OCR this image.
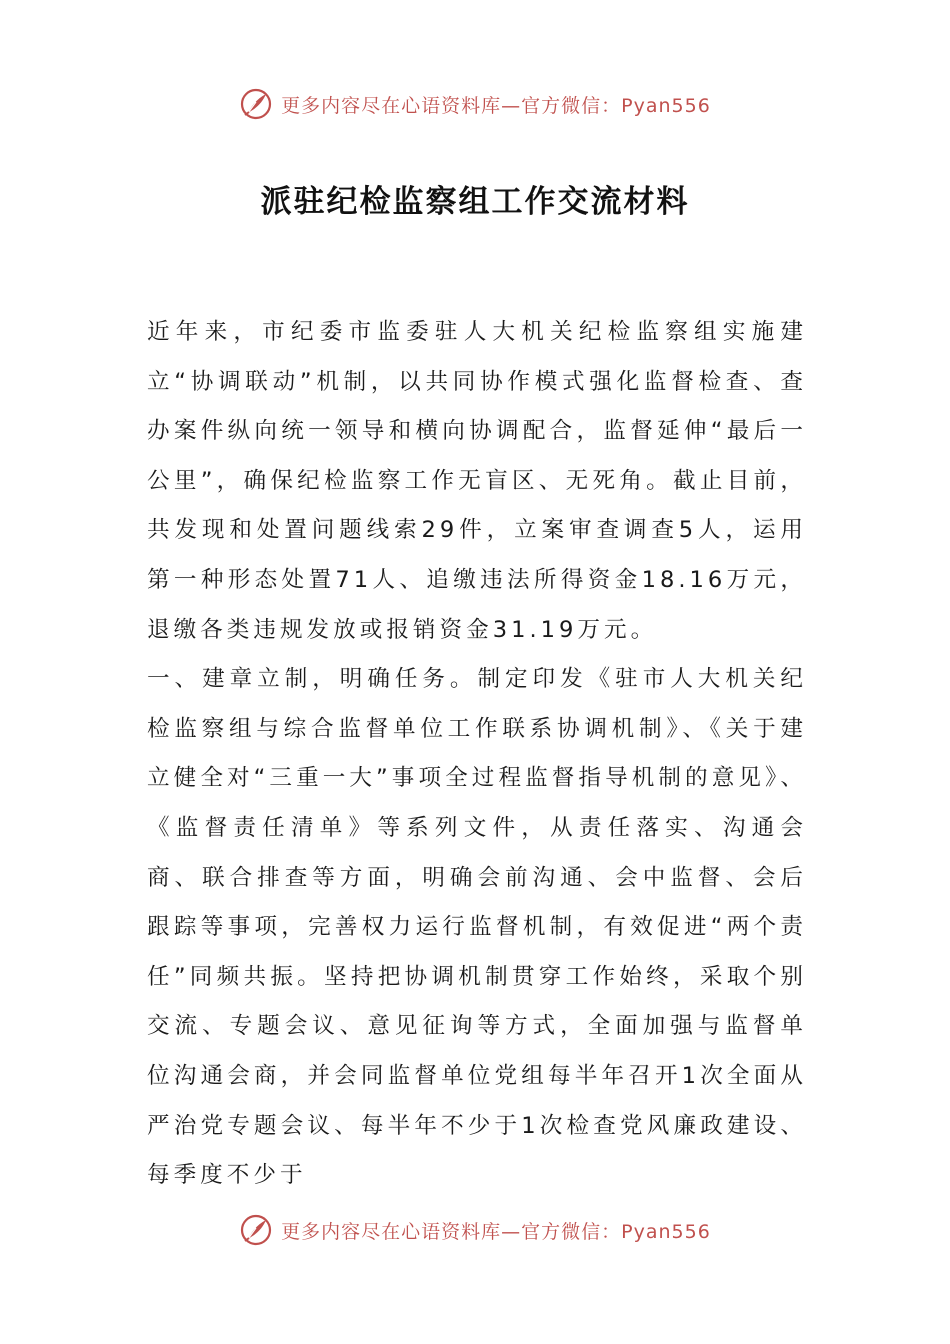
更多内容尽在心语资料库—官方微信：Pyan556
派驻纪检监察组工作交流材料

近年来，市纪委市监委驻人大机关纪检监察组实施建立“协调联动”机制，以共同协作模式强化监督检查、查办案件纵向统一领导和横向协调配合，监督延伸“最后一公里”，确保纪检监察工作无盲区、无死角。截止目前，共发现和处置问题线索29件，立案审查调查5人，运用第一种形态处置71人、追缴违法所得资金18.16万元，退缴各类违规发放或报销资金31.19万元。

一、建章立制，明确任务。制定印发《驻市人大机关纪检监察组与综合监督单位工作联系协调机制》、《关于建立健全对“三重一大”事项全过程监督指导机制的意见》、《监督责任清单》等系列文件，从责任落实、沟通会商、联合排查等方面，明确会前沟通、会中监督、会后跟踪等事项，完善权力运行监督机制，有效促进“两个责任”同频共振。坚持把协调机制贯穿工作始终，采取个别交流、专题会议、意见征询等方式，全面加强与监督单位沟通会商，并会同监督单位党组每半年召开1次全面从严治党专题会议、每半年不少于1次检查党风廉政建设、每季度不少于

更多内容尽在心语资料库—官方微信：Pyan556
